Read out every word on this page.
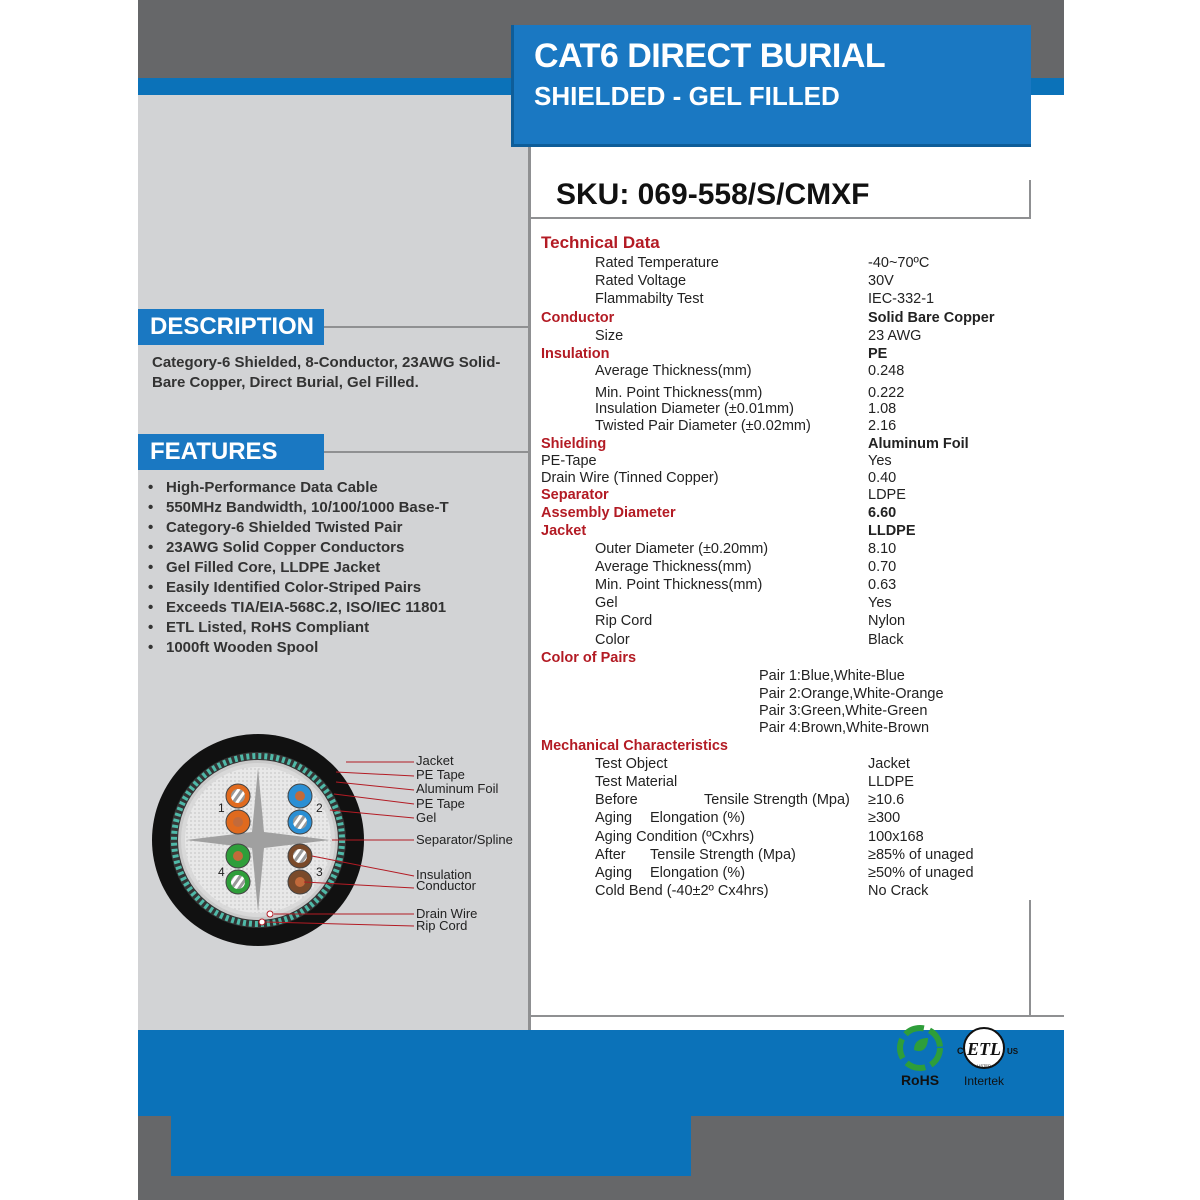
CAT6 DIRECT BURIAL
SHIELDED - GEL FILLED
SKU: 069-558/S/CMXF
DESCRIPTION
Category-6 Shielded, 8-Conductor, 23AWG Solid-Bare Copper, Direct Burial, Gel Filled.
FEATURES
• High-Performance Data Cable
• 550MHz Bandwidth, 10/100/1000 Base-T
• Category-6 Shielded Twisted Pair
• 23AWG Solid Copper Conductors
• Gel Filled Core, LLDPE Jacket
• Easily Identified Color-Striped Pairs
• Exceeds TIA/EIA-568C.2, ISO/IEC 11801
• ETL Listed, RoHS Compliant
• 1000ft Wooden Spool
1	2
3
4
Jacket
PE Tape
Aluminum Foil
PE Tape
Gel
Separator/Spline
Insulation
Conductor
Drain Wire
Rip Cord
Technical Data
Rated Temperature	-40~70ºC
Rated Voltage	30V
Flammabilty Test	IEC-332-1
Conductor	Solid Bare Copper
Size	23 AWG
Insulation	PE
Average Thickness(mm)	0.248
Min. Point Thickness(mm)	0.222
Insulation Diameter (±0.01mm)	1.08
Twisted Pair Diameter (±0.02mm)	2.16
Shielding	Aluminum Foil
PE-Tape	Yes
Drain Wire (Tinned Copper)	0.40
Separator	LDPE
Assembly Diameter	6.60
Jacket	LLDPE
Outer Diameter (±0.20mm)	8.10
Average Thickness(mm)	0.70
Min. Point Thickness(mm)	0.63
Gel	Yes
Rip Cord	Nylon
Color	Black
Color of Pairs
Pair 1:Blue,White-Blue
Pair 2:Orange,White-Orange
Pair 3:Green,White-Green
Pair 4:Brown,White-Brown
Mechanical Characteristics
Test Object	Jacket
Test Material	LLDPE
Before	Tensile Strength (Mpa) ≥10.6
Aging Elongation (%)	≥300
Aging Condition (ºCxhrs)	100x168
After Tensile Strength (Mpa)	≥85% of unaged
Aging Elongation (%)	≥50% of unaged
Cold Bend (-40±2º Cx4hrs)	No Crack
RoHS
ETL
C	US
LISTED
Intertek
